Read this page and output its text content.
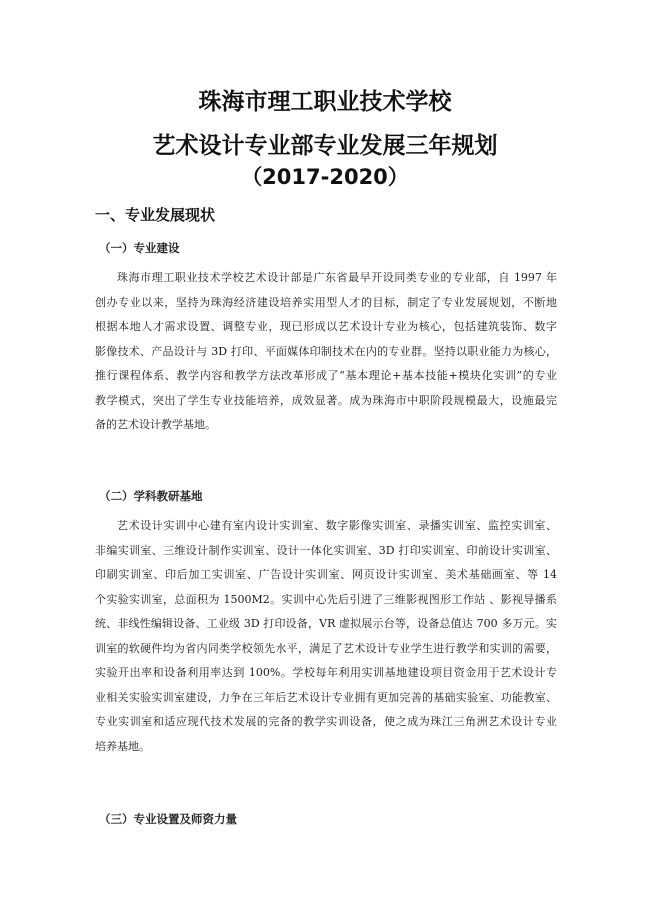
珠海市理工职业技术学校
艺术设计专业部专业发展三年规划
（2017-2020）
一、专业发展现状
（一）专业建设
珠海市理工职业技术学校艺术设计部是广东省最早开设同类专业的专业部，自 1997 年
创办专业以来，坚持为珠海经济建设培养实用型人才的目标，制定了专业发展规划，不断地
根据本地人才需求设置、调整专业，现已形成以艺术设计专业为核心，包括建筑装饰、数字
影像技术、产品设计与 3D 打印、平面媒体印制技术在内的专业群。坚持以职业能力为核心，
推行课程体系、教学内容和教学方法改革形成了“基本理论+基本技能+模块化实训”的专业
教学模式，突出了学生专业技能培养，成效显著。成为珠海市中职阶段规模最大，设施最完
备的艺术设计教学基地。
（二）学科教研基地
艺术设计实训中心建有室内设计实训室、数字影像实训室、录播实训室、监控实训室、
非编实训室、三维设计制作实训室、设计一体化实训室、3D 打印实训室、印前设计实训室、
印刷实训室、印后加工实训室、广告设计实训室、网页设计实训室、美术基础画室、等 14
个实验实训室，总面积为 1500M2。实训中心先后引进了三维影视图形工作站 、影视导播系
统、非线性编辑设备、工业级 3D 打印设备，VR 虚拟展示台等，设备总值达 700 多万元。实
训室的软硬件均为省内同类学校领先水平，满足了艺术设计专业学生进行教学和实训的需要，
实验开出率和设备利用率达到 100%。学校每年利用实训基地建设项目资金用于艺术设计专
业相关实验实训室建设，力争在三年后艺术设计专业拥有更加完善的基础实验室、功能教室、
专业实训室和适应现代技术发展的完备的教学实训设备，使之成为珠江三角洲艺术设计专业
培养基地。
（三）专业设置及师资力量
